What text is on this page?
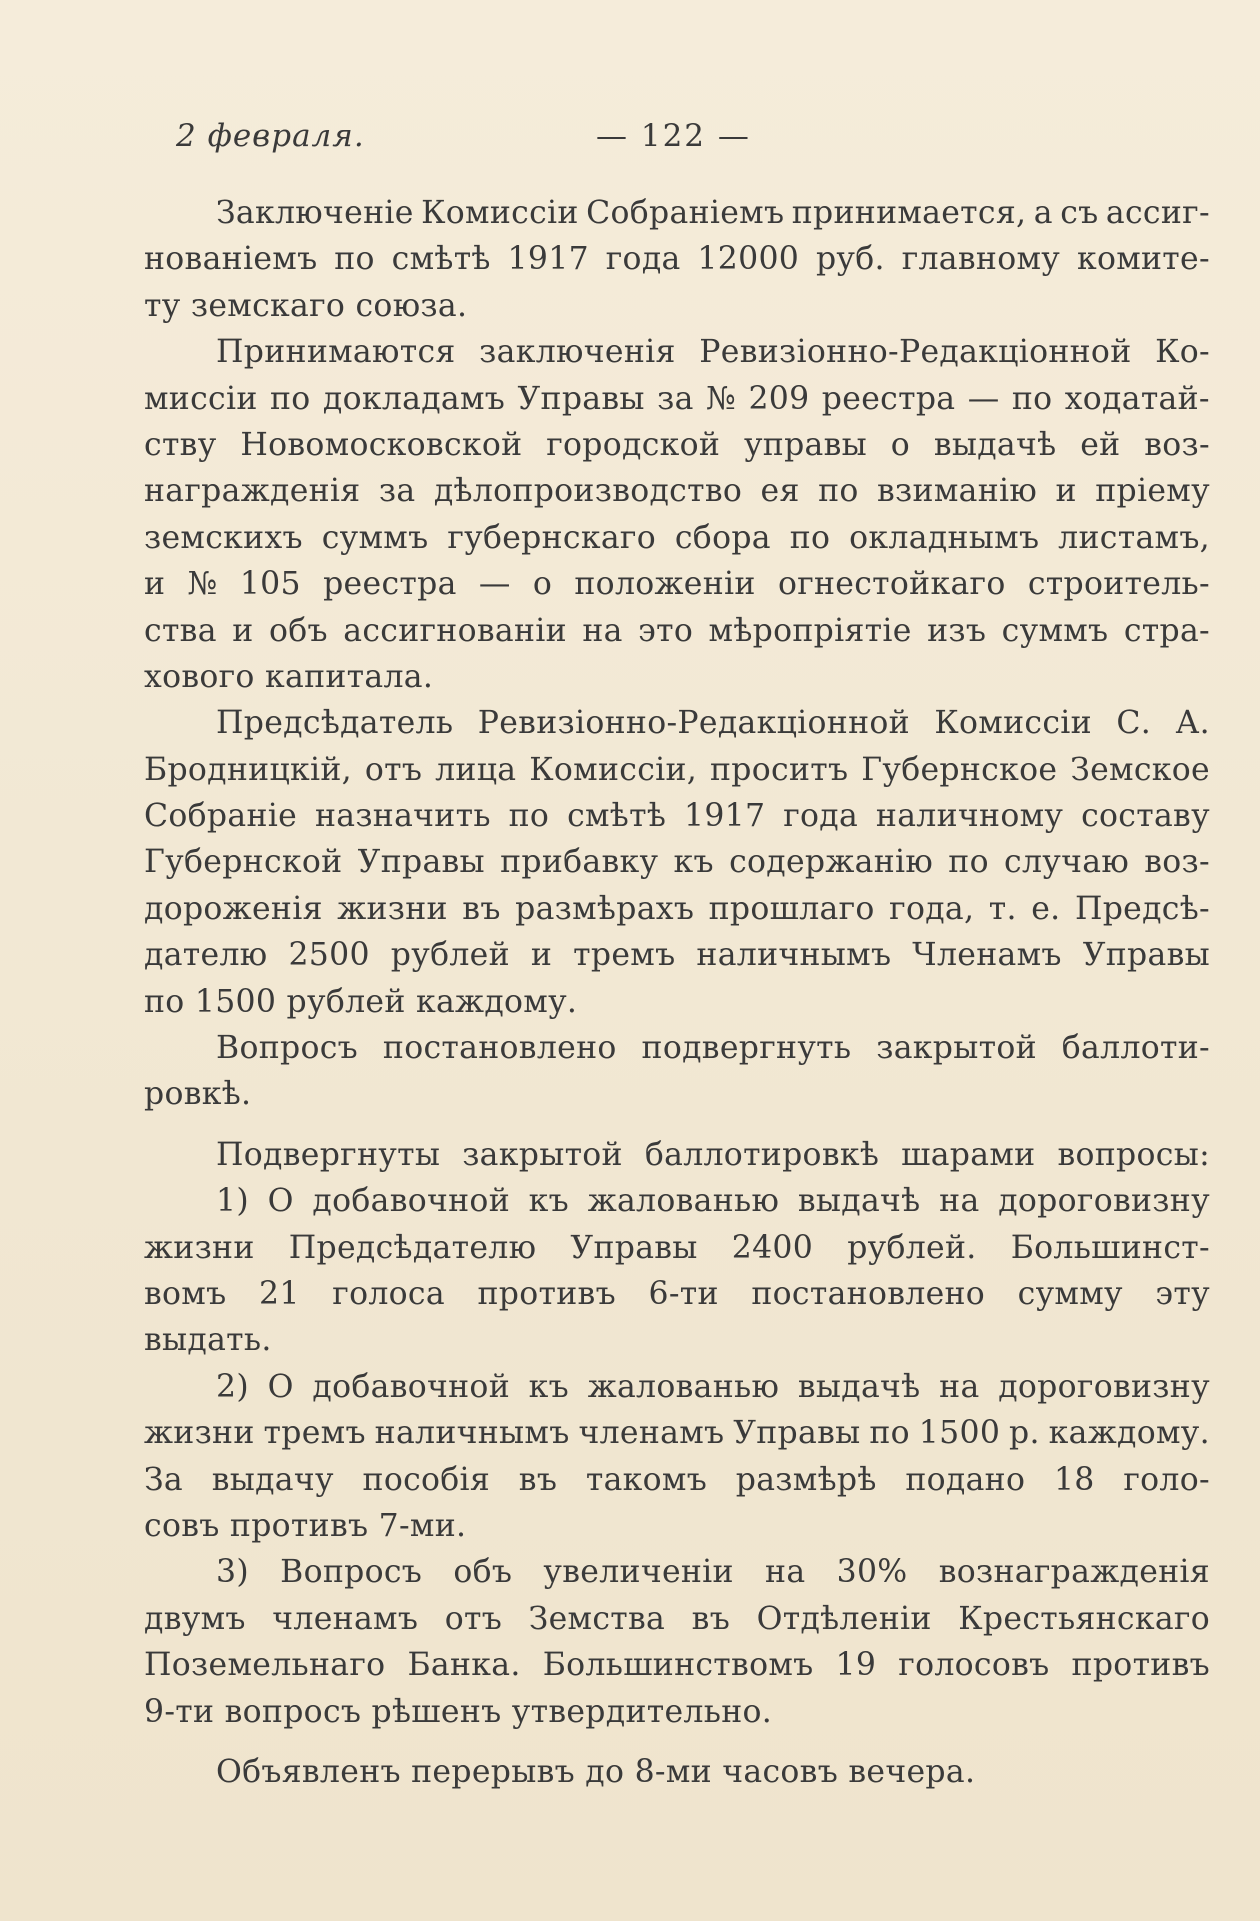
2 февраля.	— 122 —
Заключеніе Комиссіи Собраніемъ принимается, а съ ассиг-
нованіемъ по смѣтѣ 1917 года 12000 руб. главному комите-
ту земскаго союза.
Принимаются заключенія Ревизіонно-Редакціонной Ко-
миссіи по докладамъ Управы за № 209 реестра — по ходатай-
ству Новомосковской городской управы о выдачѣ ей воз-
награжденія за дѣлопроизводство ея по взиманію и пріему
земскихъ суммъ губернскаго сбора по окладнымъ листамъ,
и № 105 реестра — о положеніи огнестойкаго строитель-
ства и объ ассигнованіи на это мѣропріятіе изъ суммъ стра-
хового капитала.
Предсѣдатель Ревизіонно-Редакціонной Комиссіи С. А.
Бродницкій, отъ лица Комиссіи, проситъ Губернское Земское
Собраніе назначить по смѣтѣ 1917 года наличному составу
Губернской Управы прибавку къ содержанію по случаю воз-
дороженія жизни въ размѣрахъ прошлаго года, т. е. Предсѣ-
дателю 2500 рублей и тремъ наличнымъ Членамъ Управы
по 1500 рублей каждому.
Вопросъ постановлено подвергнуть закрытой баллоти-
ровкѣ.
Подвергнуты закрытой баллотировкѣ шарами вопросы:
1) О добавочной къ жалованью выдачѣ на дороговизну
жизни Предсѣдателю Управы 2400 рублей. Большинст-
вомъ 21 голоса противъ 6-ти постановлено сумму эту
выдать.
2) О добавочной къ жалованью выдачѣ на дороговизну
жизни тремъ наличнымъ членамъ Управы по 1500 р. каждому.
За выдачу пособія въ такомъ размѣрѣ подано 18 голо-
совъ противъ 7-ми.
3) Вопросъ объ увеличеніи на 30% вознагражденія
двумъ членамъ отъ Земства въ Отдѣленіи Крестьянскаго
Поземельнаго Банка. Большинствомъ 19 голосовъ противъ
9-ти вопросъ рѣшенъ утвердительно.
Объявленъ перерывъ до 8-ми часовъ вечера.
